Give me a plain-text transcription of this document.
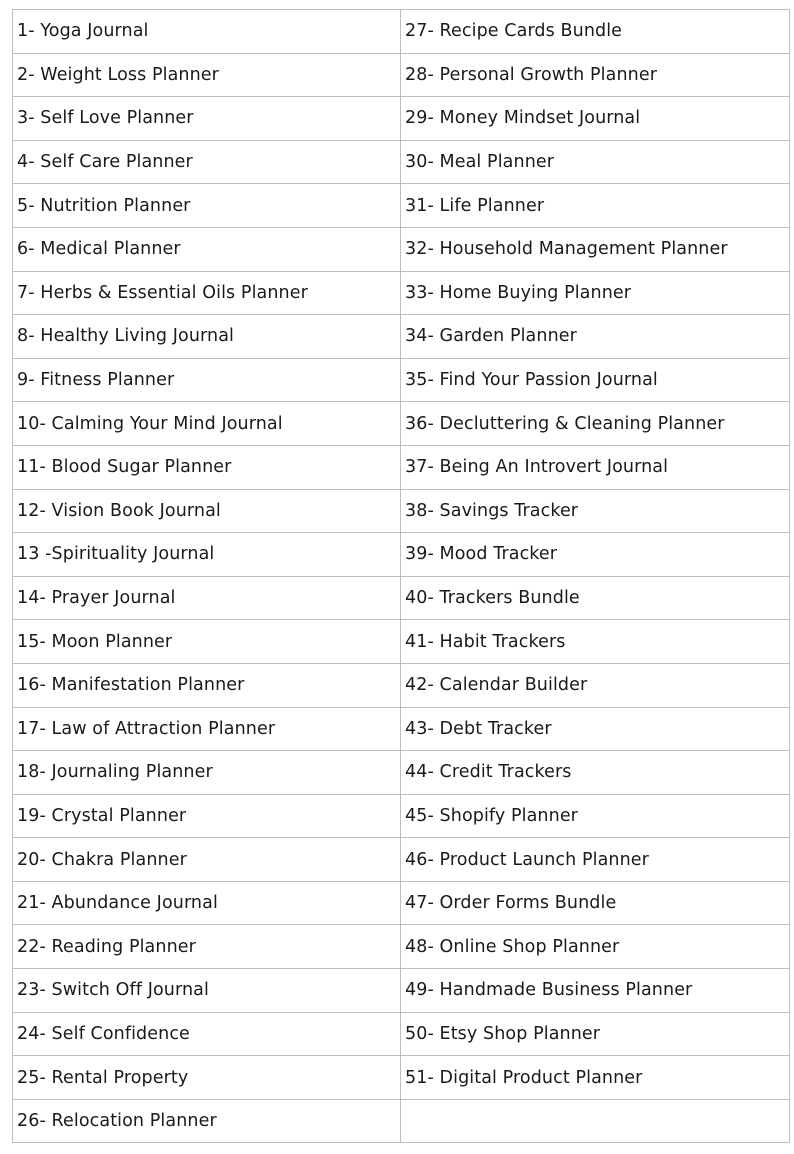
1- Yoga Journal	27- Recipe Cards Bundle
2- Weight Loss Planner	28- Personal Growth Planner
3- Self Love Planner	29- Money Mindset Journal
4- Self Care Planner	30- Meal Planner
5- Nutrition Planner	31- Life Planner
6- Medical Planner	32- Household Management Planner
7- Herbs & Essential Oils Planner	33- Home Buying Planner
8- Healthy Living Journal	34- Garden Planner
9- Fitness Planner	35- Find Your Passion Journal
10- Calming Your Mind Journal	36- Decluttering & Cleaning Planner
11- Blood Sugar Planner	37- Being An Introvert Journal
12- Vision Book Journal	38- Savings Tracker
13 -Spirituality Journal	39- Mood Tracker
14- Prayer Journal	40- Trackers Bundle
15- Moon Planner	41- Habit Trackers
16- Manifestation Planner	42- Calendar Builder
17- Law of Attraction Planner	43- Debt Tracker
18- Journaling Planner	44- Credit Trackers
19- Crystal Planner	45- Shopify Planner
20- Chakra Planner	46- Product Launch Planner
21- Abundance Journal	47- Order Forms Bundle
22- Reading Planner	48- Online Shop Planner
23- Switch Off Journal	49- Handmade Business Planner
24- Self Confidence	50- Etsy Shop Planner
25- Rental Property	51- Digital Product Planner
26- Relocation Planner	
